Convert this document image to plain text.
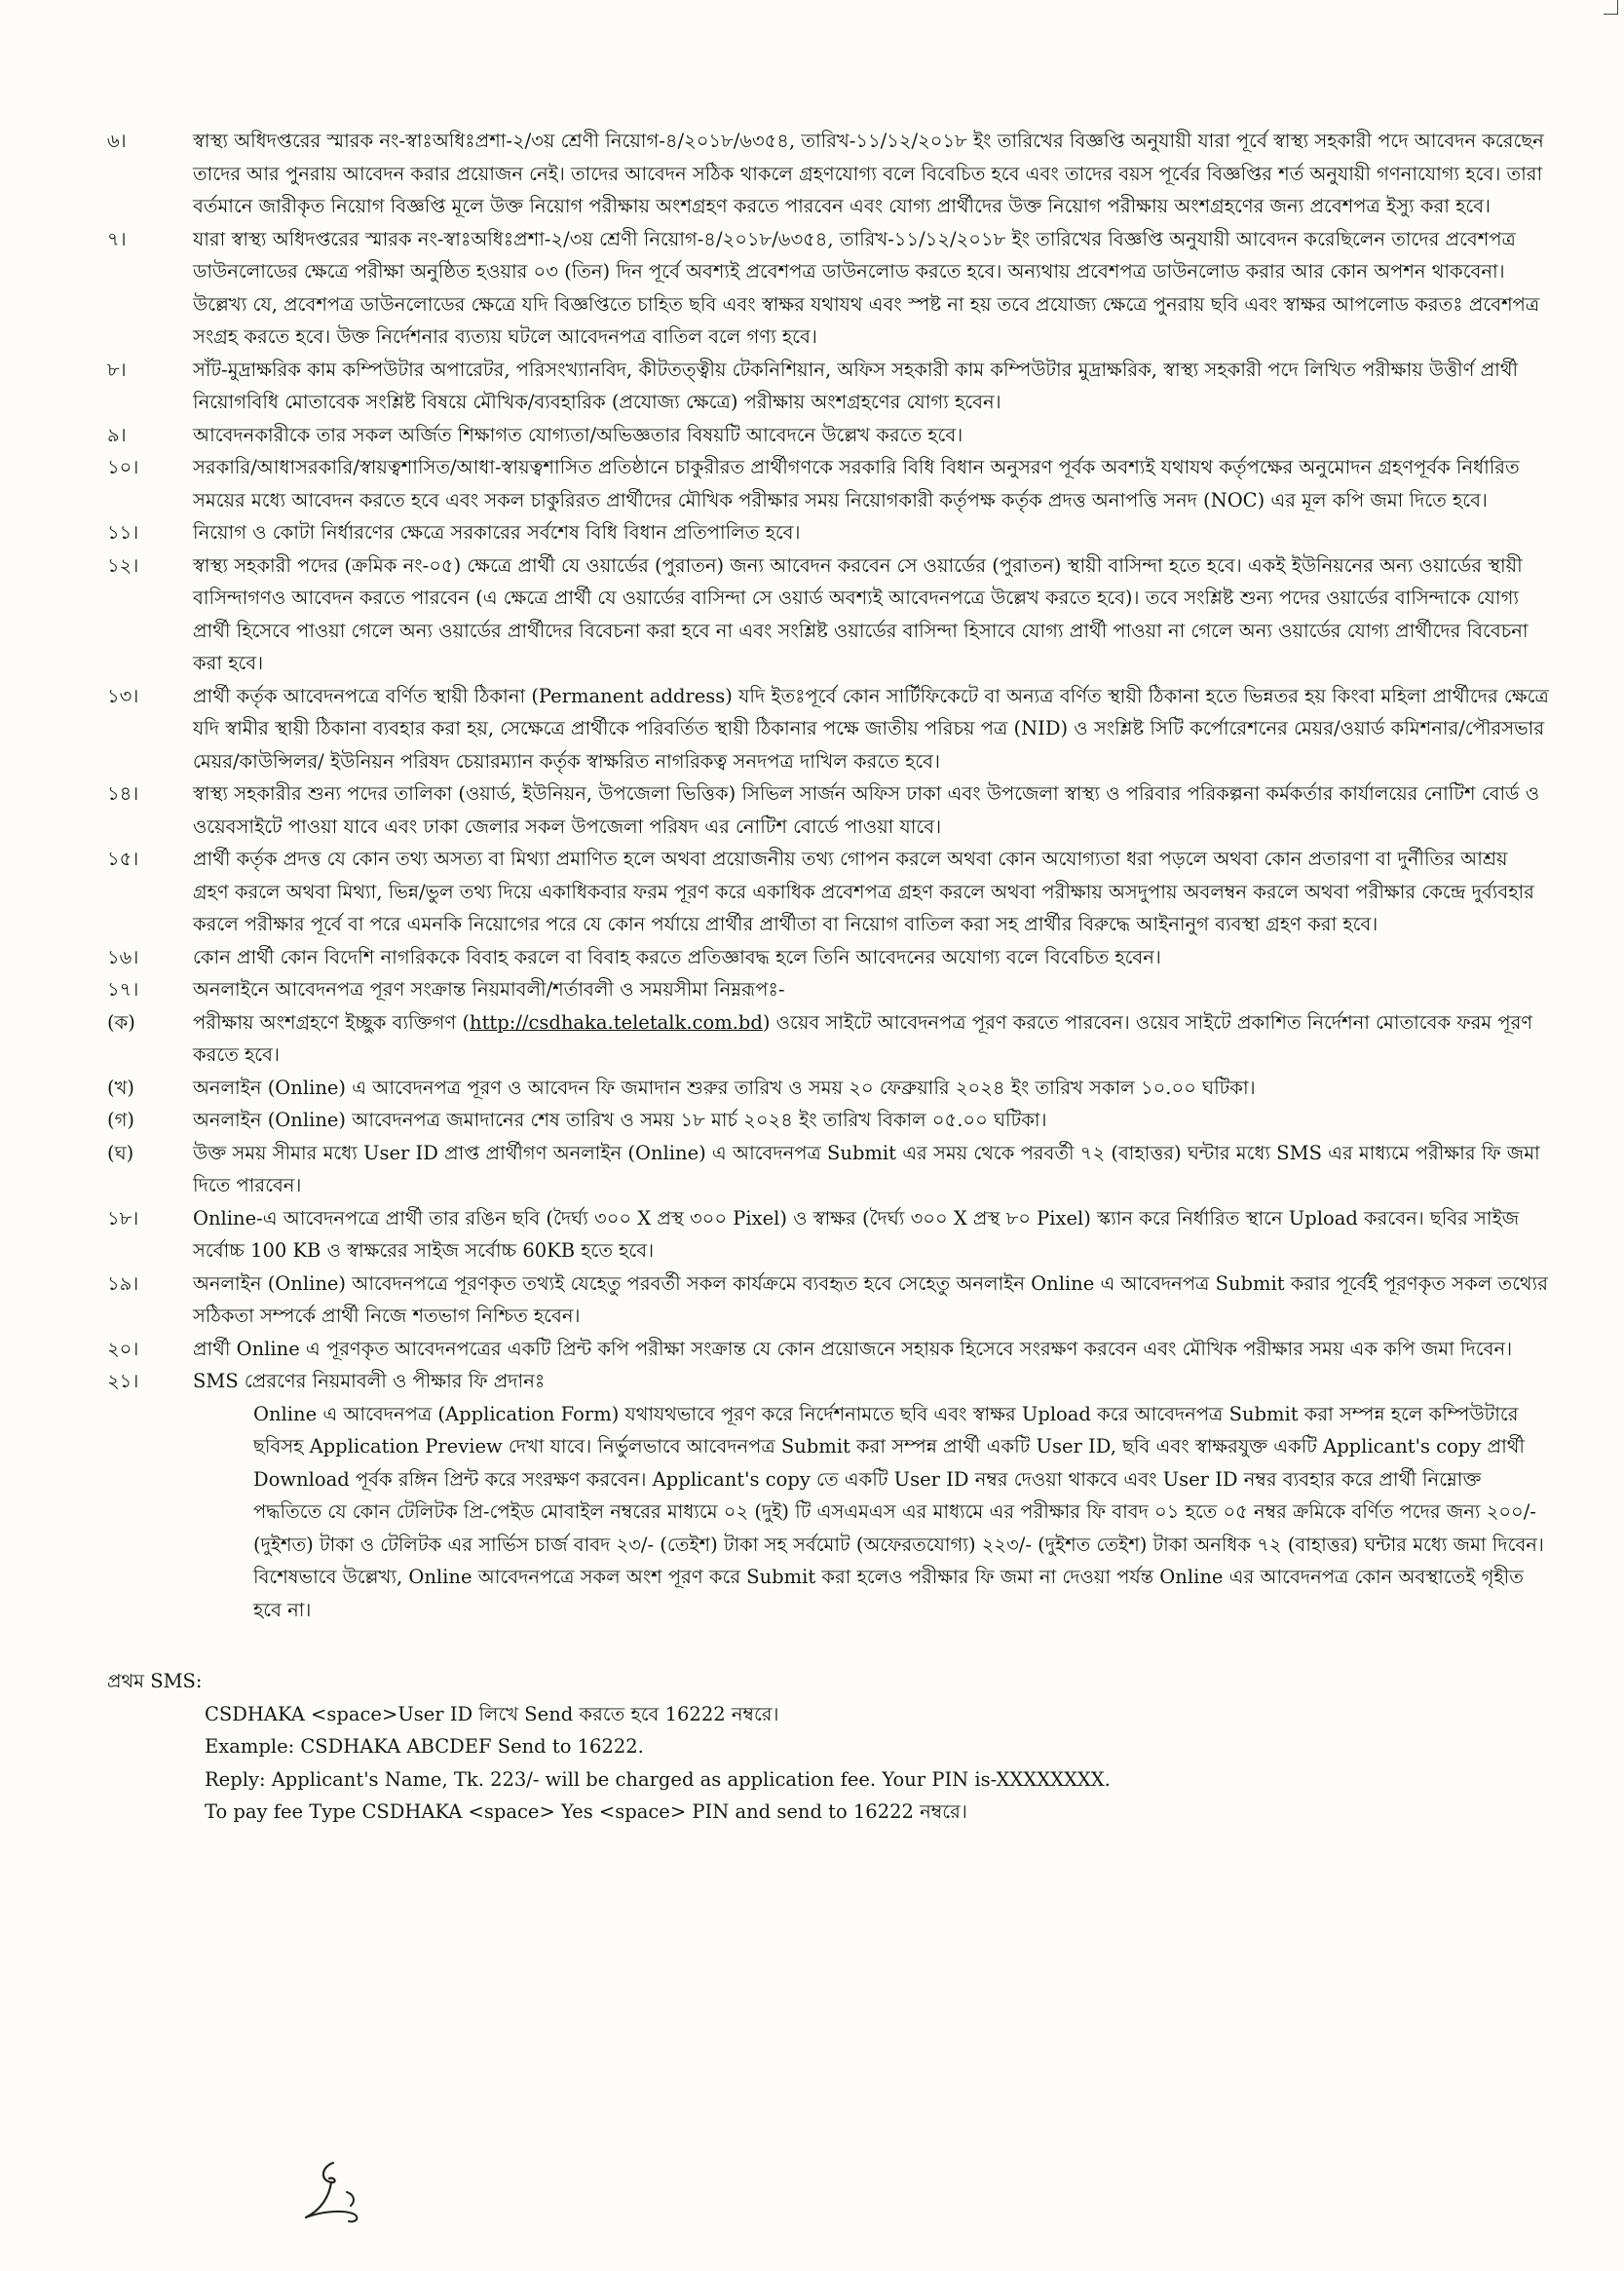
৬।	স্বাস্থ্য অধিদপ্তরের স্মারক নং-স্বাঃঅধিঃপ্রশা-২/৩য় শ্রেণী নিয়োগ-৪/২০১৮/৬৩৫৪, তারিখ-১১/১২/২০১৮ ইং তারিখের বিজ্ঞপ্তি অনুযায়ী যারা পূর্বে স্বাস্থ্য সহকারী পদে আবেদন করেছেন তাদের আর পুনরায় আবেদন করার প্রয়োজন নেই। তাদের আবেদন সঠিক থাকলে গ্রহণযোগ্য বলে বিবেচিত হবে এবং তাদের বয়স পূর্বের বিজ্ঞপ্তির শর্ত অনুযায়ী গণনাযোগ্য হবে। তারা বর্তমানে জারীকৃত নিয়োগ বিজ্ঞপ্তি মূলে উক্ত নিয়োগ পরীক্ষায় অংশগ্রহণ করতে পারবেন এবং যোগ্য প্রার্থীদের উক্ত নিয়োগ পরীক্ষায় অংশগ্রহণের জন্য প্রবেশপত্র ইস্যু করা হবে।
৭।	যারা স্বাস্থ্য অধিদপ্তরের স্মারক নং-স্বাঃঅধিঃপ্রশা-২/৩য় শ্রেণী নিয়োগ-৪/২০১৮/৬৩৫৪, তারিখ-১১/১২/২০১৮ ইং তারিখের বিজ্ঞপ্তি অনুযায়ী আবেদন করেছিলেন তাদের প্রবেশপত্র ডাউনলোডের ক্ষেত্রে পরীক্ষা অনুষ্ঠিত হওয়ার ০৩ (তিন) দিন পূর্বে অবশ্যই প্রবেশপত্র ডাউনলোড করতে হবে। অন্যথায় প্রবেশপত্র ডাউনলোড করার আর কোন অপশন থাকবেনা। উল্লেখ্য যে, প্রবেশপত্র ডাউনলোডের ক্ষেত্রে যদি বিজ্ঞপ্তিতে চাহিত ছবি এবং স্বাক্ষর যথাযথ এবং স্পষ্ট না হয় তবে প্রযোজ্য ক্ষেত্রে পুনরায় ছবি এবং স্বাক্ষর আপলোড করতঃ প্রবেশপত্র সংগ্রহ করতে হবে। উক্ত নির্দেশনার ব্যত্যয় ঘটলে আবেদনপত্র বাতিল বলে গণ্য হবে।
৮।	সাঁট-মুদ্রাক্ষরিক কাম কম্পিউটার অপারেটর, পরিসংখ্যানবিদ, কীটতত্ত্বীয় টেকনিশিয়ান, অফিস সহকারী কাম কম্পিউটার মুদ্রাক্ষরিক, স্বাস্থ্য সহকারী পদে লিখিত পরীক্ষায় উত্তীর্ণ প্রার্থী নিয়োগবিধি মোতাবেক সংশ্লিষ্ট বিষয়ে মৌখিক/ব্যবহারিক (প্রযোজ্য ক্ষেত্রে) পরীক্ষায় অংশগ্রহণের যোগ্য হবেন।
৯।	আবেদনকারীকে তার সকল অর্জিত শিক্ষাগত যোগ্যতা/অভিজ্ঞতার বিষয়টি আবেদনে উল্লেখ করতে হবে।
১০।	সরকারি/আধাসরকারি/স্বায়ত্বশাসিত/আধা-স্বায়ত্বশাসিত প্রতিষ্ঠানে চাকুরীরত প্রার্থীগণকে সরকারি বিধি বিধান অনুসরণ পূর্বক অবশ্যই যথাযথ কর্তৃপক্ষের অনুমোদন গ্রহণপূর্বক নির্ধারিত সময়ের মধ্যে আবেদন করতে হবে এবং সকল চাকুরিরত প্রার্থীদের মৌখিক পরীক্ষার সময় নিয়োগকারী কর্তৃপক্ষ কর্তৃক প্রদত্ত অনাপত্তি সনদ (NOC) এর মূল কপি জমা দিতে হবে।
১১।	নিয়োগ ও কোটা নির্ধারণের ক্ষেত্রে সরকারের সর্বশেষ বিধি বিধান প্রতিপালিত হবে।
১২।	স্বাস্থ্য সহকারী পদের (ক্রমিক নং-০৫) ক্ষেত্রে প্রার্থী যে ওয়ার্ডের (পুরাতন) জন্য আবেদন করবেন সে ওয়ার্ডের (পুরাতন) স্থায়ী বাসিন্দা হতে হবে। একই ইউনিয়নের অন্য ওয়ার্ডের স্থায়ী বাসিন্দাগণও আবেদন করতে পারবেন (এ ক্ষেত্রে প্রার্থী যে ওয়ার্ডের বাসিন্দা সে ওয়ার্ড অবশ্যই আবেদনপত্রে উল্লেখ করতে হবে)। তবে সংশ্লিষ্ট শুন্য পদের ওয়ার্ডের বাসিন্দাকে যোগ্য প্রার্থী হিসেবে পাওয়া গেলে অন্য ওয়ার্ডের প্রার্থীদের বিবেচনা করা হবে না এবং সংশ্লিষ্ট ওয়ার্ডের বাসিন্দা হিসাবে যোগ্য প্রার্থী পাওয়া না গেলে অন্য ওয়ার্ডের যোগ্য প্রার্থীদের বিবেচনা করা হবে।
১৩।	প্রার্থী কর্তৃক আবেদনপত্রে বর্ণিত স্থায়ী ঠিকানা (Permanent address) যদি ইতঃপূর্বে কোন সার্টিফিকেটে বা অন্যত্র বর্ণিত স্থায়ী ঠিকানা হতে ভিন্নতর হয় কিংবা মহিলা প্রার্থীদের ক্ষেত্রে যদি স্বামীর স্থায়ী ঠিকানা ব্যবহার করা হয়, সেক্ষেত্রে প্রার্থীকে পরিবর্তিত স্থায়ী ঠিকানার পক্ষে জাতীয় পরিচয় পত্র (NID) ও সংশ্লিষ্ট সিটি কর্পোরেশনের মেয়র/ওয়ার্ড কমিশনার/পৌরসভার মেয়র/কাউন্সিলর/ ইউনিয়ন পরিষদ চেয়ারম্যান কর্তৃক স্বাক্ষরিত নাগরিকত্ব সনদপত্র দাখিল করতে হবে।
১৪।	স্বাস্থ্য সহকারীর শুন্য পদের তালিকা (ওয়ার্ড, ইউনিয়ন, উপজেলা ভিত্তিক) সিভিল সার্জন অফিস ঢাকা এবং উপজেলা স্বাস্থ্য ও পরিবার পরিকল্পনা কর্মকর্তার কার্যালয়ের নোটিশ বোর্ড ও ওয়েবসাইটে পাওয়া যাবে এবং ঢাকা জেলার সকল উপজেলা পরিষদ এর নোটিশ বোর্ডে পাওয়া যাবে।
১৫।	প্রার্থী কর্তৃক প্রদত্ত যে কোন তথ্য অসত্য বা মিথ্যা প্রমাণিত হলে অথবা প্রয়োজনীয় তথ্য গোপন করলে অথবা কোন অযোগ্যতা ধরা পড়লে অথবা কোন প্রতারণা বা দুর্নীতির আশ্রয় গ্রহণ করলে অথবা মিথ্যা, ভিন্ন/ভুল তথ্য দিয়ে একাধিকবার ফরম পূরণ করে একাধিক প্রবেশপত্র গ্রহণ করলে অথবা পরীক্ষায় অসদুপায় অবলম্বন করলে অথবা পরীক্ষার কেন্দ্রে দুর্ব্যবহার করলে পরীক্ষার পূর্বে বা পরে এমনকি নিয়োগের পরে যে কোন পর্যায়ে প্রার্থীর প্রার্থীতা বা নিয়োগ বাতিল করা সহ প্রার্থীর বিরুদ্ধে আইনানুগ ব্যবস্থা গ্রহণ করা হবে।
১৬।	কোন প্রার্থী কোন বিদেশি নাগরিককে বিবাহ করলে বা বিবাহ করতে প্রতিজ্ঞাবদ্ধ হলে তিনি আবেদনের অযোগ্য বলে বিবেচিত হবেন।
১৭।	অনলাইনে আবেদনপত্র পূরণ সংক্রান্ত নিয়মাবলী/শর্তাবলী ও সময়সীমা নিম্নরূপঃ-
(ক)	পরীক্ষায় অংশগ্রহণে ইচ্ছুক ব্যক্তিগণ (http://csdhaka.teletalk.com.bd) ওয়েব সাইটে আবেদনপত্র পূরণ করতে পারবেন। ওয়েব সাইটে প্রকাশিত নির্দেশনা মোতাবেক ফরম পূরণ করতে হবে।
(খ)	অনলাইন (Online) এ আবেদনপত্র পূরণ ও আবেদন ফি জমাদান শুরুর তারিখ ও সময় ২০ ফেব্রুয়ারি ২০২৪ ইং তারিখ সকাল ১০.০০ ঘটিকা।
(গ)	অনলাইন (Online) আবেদনপত্র জমাদানের শেষ তারিখ ও সময় ১৮ মার্চ ২০২৪ ইং তারিখ বিকাল ০৫.০০ ঘটিকা।
(ঘ)	উক্ত সময় সীমার মধ্যে User ID প্রাপ্ত প্রার্থীগণ অনলাইন (Online) এ আবেদনপত্র Submit এর সময় থেকে পরবর্তী ৭২ (বাহাত্তর) ঘন্টার মধ্যে SMS এর মাধ্যমে পরীক্ষার ফি জমা দিতে পারবেন।
১৮।	Online-এ আবেদনপত্রে প্রার্থী তার রঙিন ছবি (দৈর্ঘ্য ৩০০ X প্রস্থ ৩০০ Pixel) ও স্বাক্ষর (দৈর্ঘ্য ৩০০ X প্রস্থ ৮০ Pixel) স্ক্যান করে নির্ধারিত স্থানে Upload করবেন। ছবির সাইজ সর্বোচ্চ 100 KB ও স্বাক্ষরের সাইজ সর্বোচ্চ 60KB হতে হবে।
১৯।	অনলাইন (Online) আবেদনপত্রে পূরণকৃত তথ্যই যেহেতু পরবর্তী সকল কার্যক্রমে ব্যবহৃত হবে সেহেতু অনলাইন Online এ আবেদনপত্র Submit করার পূর্বেই পূরণকৃত সকল তথ্যের সঠিকতা সম্পর্কে প্রার্থী নিজে শতভাগ নিশ্চিত হবেন।
২০।	প্রার্থী Online এ পূরণকৃত আবেদনপত্রের একটি প্রিন্ট কপি পরীক্ষা সংক্রান্ত যে কোন প্রয়োজনে সহায়ক হিসেবে সংরক্ষণ করবেন এবং মৌখিক পরীক্ষার সময় এক কপি জমা দিবেন।
২১।	SMS প্রেরণের নিয়মাবলী ও পীক্ষার ফি প্রদানঃ
Online এ আবেদনপত্র (Application Form) যথাযথভাবে পূরণ করে নির্দেশনামতে ছবি এবং স্বাক্ষর Upload করে আবেদনপত্র Submit করা সম্পন্ন হলে কম্পিউটারে ছবিসহ Application Preview দেখা যাবে। নির্ভুলভাবে আবেদনপত্র Submit করা সম্পন্ন প্রার্থী একটি User ID, ছবি এবং স্বাক্ষরযুক্ত একটি Applicant's copy প্রার্থী Download পূর্বক রঙ্গিন প্রিন্ট করে সংরক্ষণ করবেন। Applicant's copy তে একটি User ID নম্বর দেওয়া থাকবে এবং User ID নম্বর ব্যবহার করে প্রার্থী নিম্নোক্ত পদ্ধতিতে যে কোন টেলিটক প্রি-পেইড মোবাইল নম্বরের মাধ্যমে ০২ (দুই) টি এসএমএস এর মাধ্যমে এর পরীক্ষার ফি বাবদ ০১ হতে ০৫ নম্বর ক্রমিকে বর্ণিত পদের জন্য ২০০/- (দুইশত) টাকা ও টেলিটক এর সার্ভিস চার্জ বাবদ ২৩/- (তেইশ) টাকা সহ সর্বমোট (অফেরতযোগ্য) ২২৩/- (দুইশত তেইশ) টাকা অনধিক ৭২ (বাহাত্তর) ঘন্টার মধ্যে জমা দিবেন। বিশেষভাবে উল্লেখ্য, Online আবেদনপত্রে সকল অংশ পূরণ করে Submit করা হলেও পরীক্ষার ফি জমা না দেওয়া পর্যন্ত Online এর আবেদনপত্র কোন অবস্থাতেই গৃহীত হবে না।
প্রথম SMS:
CSDHAKA <space>User ID লিখে Send করতে হবে 16222 নম্বরে।
Example: CSDHAKA ABCDEF Send to 16222.
Reply: Applicant's Name, Tk. 223/- will be charged as application fee. Your PIN is-XXXXXXXX.
To pay fee Type CSDHAKA <space> Yes <space> PIN and send to 16222 নম্বরে।
